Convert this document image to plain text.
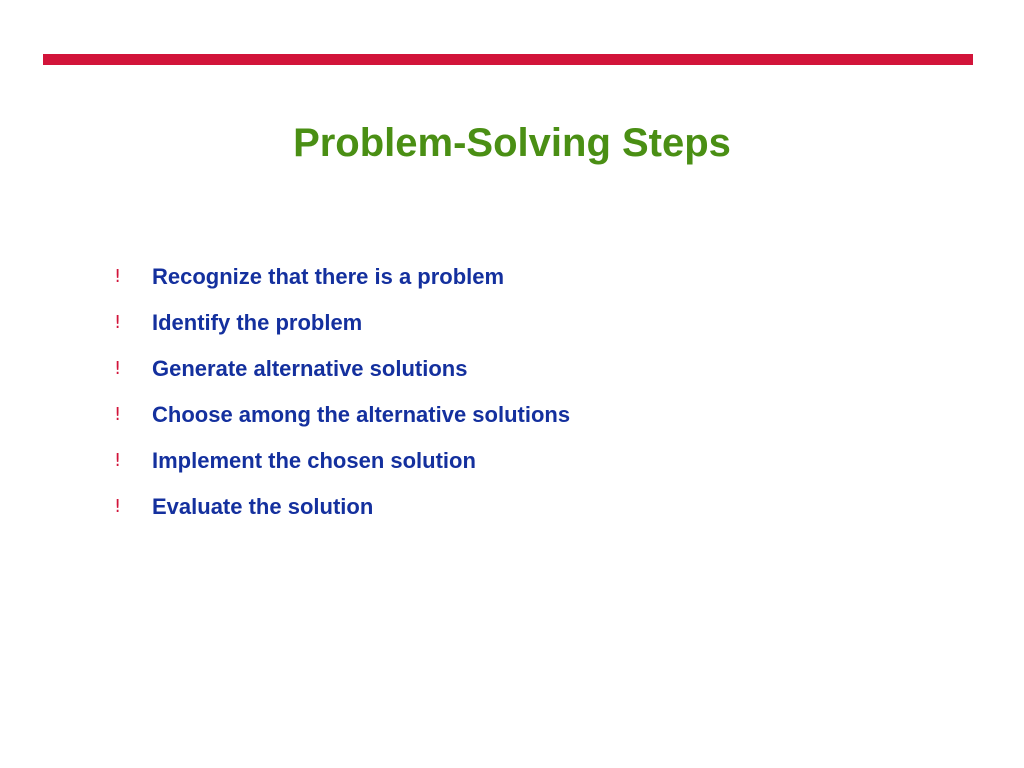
Problem-Solving Steps
!	Recognize that there is a problem
!	Identify the problem
!	Generate alternative solutions
!	Choose among the alternative solutions
!	Implement the chosen solution
!	Evaluate the solution
